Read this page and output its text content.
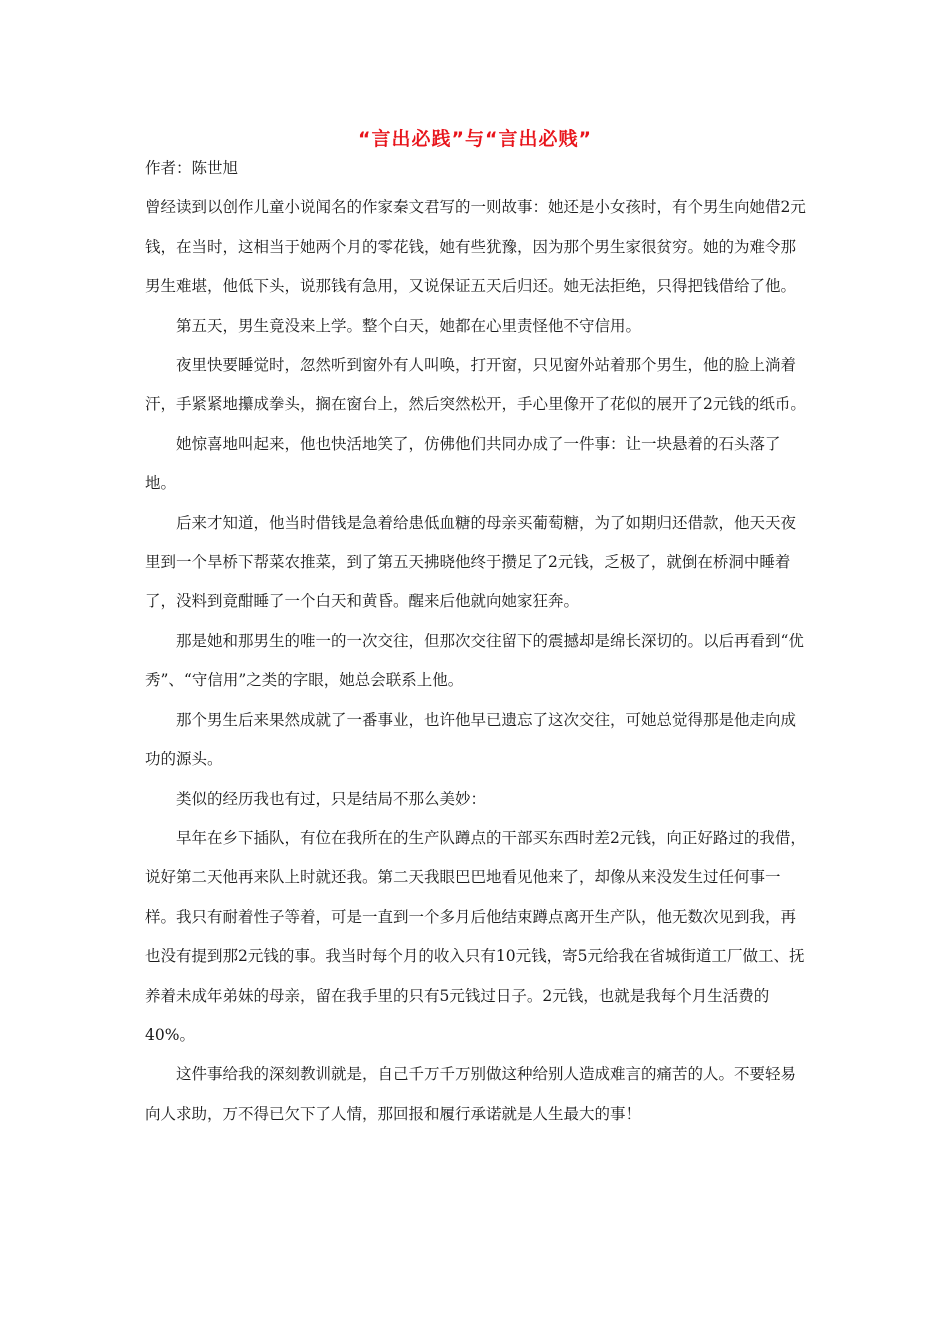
“言出必践”与“言出必贱”

作者：陈世旭

曾经读到以创作儿童小说闻名的作家秦文君写的一则故事：她还是小女孩时，有个男生向她借2元钱，在当时，这相当于她两个月的零花钱，她有些犹豫，因为那个男生家很贫穷。她的为难令那男生难堪，他低下头，说那钱有急用，又说保证五天后归还。她无法拒绝，只得把钱借给了他。

第五天，男生竟没来上学。整个白天，她都在心里责怪他不守信用。

夜里快要睡觉时，忽然听到窗外有人叫唤，打开窗，只见窗外站着那个男生，他的脸上淌着汗，手紧紧地攥成拳头，搁在窗台上，然后突然松开，手心里像开了花似的展开了2元钱的纸币。

她惊喜地叫起来，他也快活地笑了，仿佛他们共同办成了一件事：让一块悬着的石头落了地。

后来才知道，他当时借钱是急着给患低血糖的母亲买葡萄糖，为了如期归还借款，他天天夜里到一个旱桥下帮菜农推菜，到了第五天拂晓他终于攒足了2元钱，乏极了，就倒在桥洞中睡着了，没料到竟酣睡了一个白天和黄昏。醒来后他就向她家狂奔。

那是她和那男生的唯一的一次交往，但那次交往留下的震撼却是绵长深切的。以后再看到“优秀”、“守信用”之类的字眼，她总会联系上他。

那个男生后来果然成就了一番事业，也许他早已遗忘了这次交往，可她总觉得那是他走向成功的源头。

类似的经历我也有过，只是结局不那么美妙：

早年在乡下插队，有位在我所在的生产队蹲点的干部买东西时差2元钱，向正好路过的我借，说好第二天他再来队上时就还我。第二天我眼巴巴地看见他来了，却像从来没发生过任何事一样。我只有耐着性子等着，可是一直到一个多月后他结束蹲点离开生产队，他无数次见到我，再也没有提到那2元钱的事。我当时每个月的收入只有10元钱，寄5元给我在省城街道工厂做工、抚养着未成年弟妹的母亲，留在我手里的只有5元钱过日子。2元钱，也就是我每个月生活费的40%。

这件事给我的深刻教训就是，自己千万千万别做这种给别人造成难言的痛苦的人。不要轻易向人求助，万不得已欠下了人情，那回报和履行承诺就是人生最大的事！
